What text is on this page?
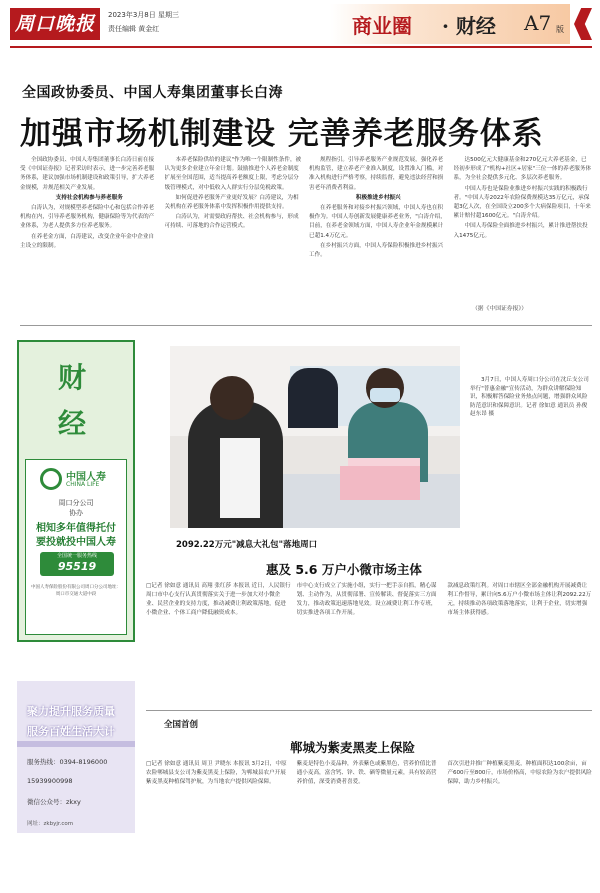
周口晚报	2023年3月8日 星期三
责任编辑 黄金红	商业圈 · 财经 A7 版
全国政协委员、中国人寿集团董事长白涛
加强市场机制建设 完善养老服务体系

全国政协委员、中国人寿集团董事长白涛日前在接受《中国证券报》记者采访时表示，进一步完善养老服务体系，建议加强市场机制建设和政策引导，扩大养老金规模，并规范相关产业发展。

支持社会机构参与养老服务

白涛认为，对规模型养老保险中心和包括合作养老机构在内，引导养老服务机构，健康保险等为代表的产业体系，为老人提供多方位养老服务。

在养老金方面，白涛建议，改变企业年金中企业自主设立的限制。

本养老保险供给的建议"作为唯一个限制性条件，被认为更多企业建立年金计划。鼓励推进个人养老金制度扩展至全国范围，适当提高养老额度上限，考虑分层分级管理模式，对中低收入人群实行分层免税政策。

如何促进养老服务产业更好发展？白涛建议，为相关机构在养老服务体系中发挥积极作用提供支持。

白涛认为，对需要政府帮扶、社会机构参与，形成可持续、可落地的合作运营模式。

规程指引。引导养老服务产业规范发展，强化养老机构监管，建立养老产业准入制度，设置准入门槛，对准入机构进行严格考察，持续监督，避免违法经营和损害老年消费者利益。

积极推进乡村振兴

在养老服务和对接乡村振兴领域，中国人寿也在积极作为。中国人寿创新发展健康养老业务，"白涛介绍，目前，在养老金领域方面，中国人寿企业年金规模累计已超1.4万亿元。

在乡村振兴方面，中国人寿保险积极推进乡村振兴工作。

达500亿元大健康基金和270亿元大养老基金，已经初步形成了"机构+社区+居家"三位一体的养老服务体系，为全社会提供多元化、多层次养老服务。

中国人寿也是保险业推进乡村振兴实践的积极践行者。"中国人寿2022年农险保费规模达35万亿元，承保超3亿人次，在全国设立200多个大病保险项目，十年来累计赔付超1600亿元。"白涛介绍。

中国人寿保险全面推进乡村振兴，累计推进帮扶投入1475亿元。

（据《中国证券报》）
财
经
中国人寿
CHINA LIFE
周口分公司
协办
相知多年值得托付
要投就投中国人寿
全国统一服务热线
95519
中国人寿保险股份有限公司周口分公司地址：周口市交通大道中段
3月7日，中国人寿周口分公司在沈丘支公司举行"普惠金融"宣传活动，为群众讲解保险知识，积极解答保险业务热点问题，增强群众风险防范意识和保障意识。记者 徐如意 通讯员 孙俊 赵东昂 摄
2092.22万元"减息大礼包"落地周口
惠及 5.6 万户小微市场主体
□记者 徐如意 通讯员 高翔 张红莎 本报讯 近日，人民银行周口市中心支行认真贯彻落实关于进一步加大对小微企业、民营企业的支持力度，推动减费让利政策落地，促进小微企业、个体工商户降低融资成本。
市中心支行成立了实施小组，实行一把手亲自抓，精心谋划、主动作为，从贯彻部署、宣传解读、督促落实三方面发力，推动政策迅速落地见效。设立减费让利工作专班，切实推进各项工作开展。
款减息政策红利。对周口市辖区全部金融机构开展减费让利工作督导，累计向5.6万户小微市场主体让利2092.22万元，持续推动各项政策落地落实，让利于企业，切实增强市场主体获得感。
聚力提升服务质量
服务百姓生活大计
服务热线：0394-8196000
15939900998
微信公众号：zkxy
网址：zkbyjr.com
全国首创
郸城为紫麦黑麦上保险
□记者 徐如意 通讯员 周卫 尹晓东 本报讯 3月2日，中原农险郸城县支公司为紫麦黑麦上保险，为郸城县农户开展紫麦黑麦种植保驾护航，为当地农户提供风险保障。
紫麦是特色小麦品种，外表紫色或紫黑色，营养价值比普通小麦高，富含钙、锌、铁、硒等微量元素，具有较高营养价值，深受消费者喜爱。
首次引进并推广种植紫麦黑麦，种植面积达100余亩，亩产600斤至800斤，市场价格高，中原农险为农户提供风险保障，助力乡村振兴。
